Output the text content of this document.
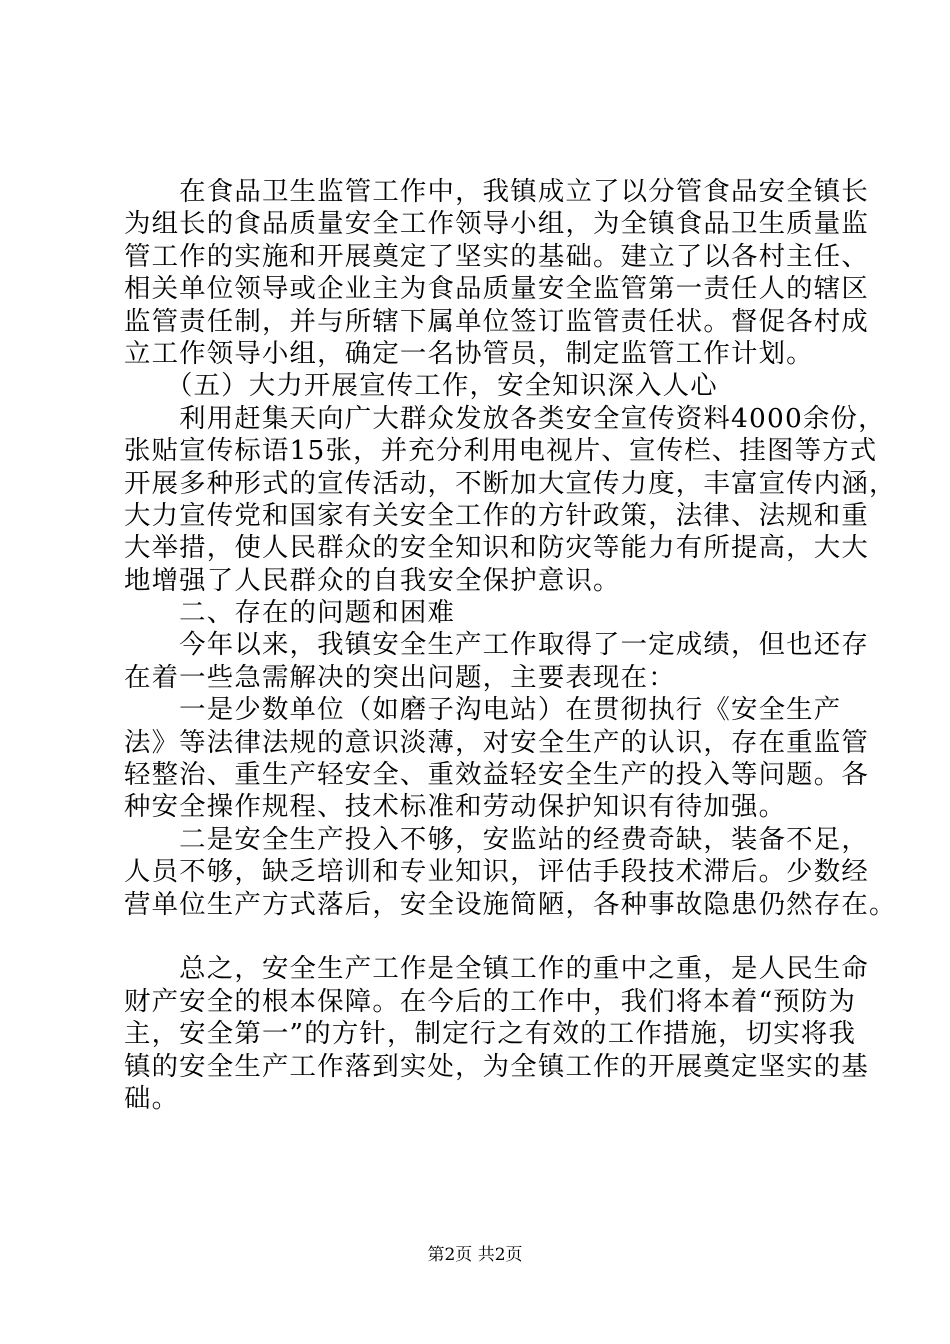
　　在食品卫生监管工作中，我镇成立了以分管食品安全镇长
为组长的食品质量安全工作领导小组，为全镇食品卫生质量监
管工作的实施和开展奠定了坚实的基础。建立了以各村主任、
相关单位领导或企业主为食品质量安全监管第一责任人的辖区
监管责任制，并与所辖下属单位签订监管责任状。督促各村成
立工作领导小组，确定一名协管员，制定监管工作计划。
　　（五）大力开展宣传工作，安全知识深入人心
　　利用赶集天向广大群众发放各类安全宣传资料4000余份，
张贴宣传标语15张，并充分利用电视片、宣传栏、挂图等方式
开展多种形式的宣传活动，不断加大宣传力度，丰富宣传内涵，
大力宣传党和国家有关安全工作的方针政策，法律、法规和重
大举措，使人民群众的安全知识和防灾等能力有所提高，大大
地增强了人民群众的自我安全保护意识。
　　二、存在的问题和困难
　　今年以来，我镇安全生产工作取得了一定成绩，但也还存
在着一些急需解决的突出问题，主要表现在：
　　一是少数单位（如磨子沟电站）在贯彻执行《安全生产
法》等法律法规的意识淡薄，对安全生产的认识，存在重监管
轻整治、重生产轻安全、重效益轻安全生产的投入等问题。各
种安全操作规程、技术标准和劳动保护知识有待加强。
　　二是安全生产投入不够，安监站的经费奇缺，装备不足，
人员不够，缺乏培训和专业知识，评估手段技术滞后。少数经
营单位生产方式落后，安全设施简陋，各种事故隐患仍然存在。
　　总之，安全生产工作是全镇工作的重中之重，是人民生命
财产安全的根本保障。在今后的工作中，我们将本着“预防为
主，安全第一”的方针，制定行之有效的工作措施，切实将我
镇的安全生产工作落到实处，为全镇工作的开展奠定坚实的基
础。
第2页 共2页
